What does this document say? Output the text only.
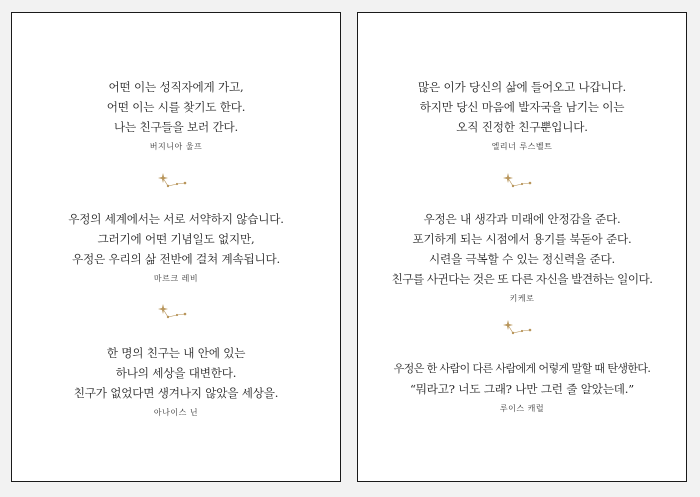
어떤 이는 성직자에게 가고,
어떤 이는 시를 찾기도 한다.
나는 친구들을 보러 간다.
버지니아 울프
우정의 세계에서는 서로 서약하지 않습니다.
그러기에 어떤 기념일도 없지만,
우정은 우리의 삶 전반에 걸쳐 계속됩니다.
마르크 레비
한 명의 친구는 내 안에 있는
하나의 세상을 대변한다.
친구가 없었다면 생겨나지 않았을 세상을.
아나이스 닌
많은 이가 당신의 삶에 들어오고 나갑니다.
하지만 당신 마음에 발자국을 남기는 이는
오직 진정한 친구뿐입니다.
엘리너 루스벨트
우정은 내 생각과 미래에 안정감을 준다.
포기하게 되는 시점에서 용기를 북돋아 준다.
시련을 극복할 수 있는 정신력을 준다.
친구를 사귄다는 것은 또 다른 자신을 발견하는 일이다.
키케로
우정은 한 사람이 다른 사람에게 어렇게 말할 때 탄생한다.
“뭐라고? 너도 그래? 나만 그런 줄 알았는데.”
루이스 캐럴
